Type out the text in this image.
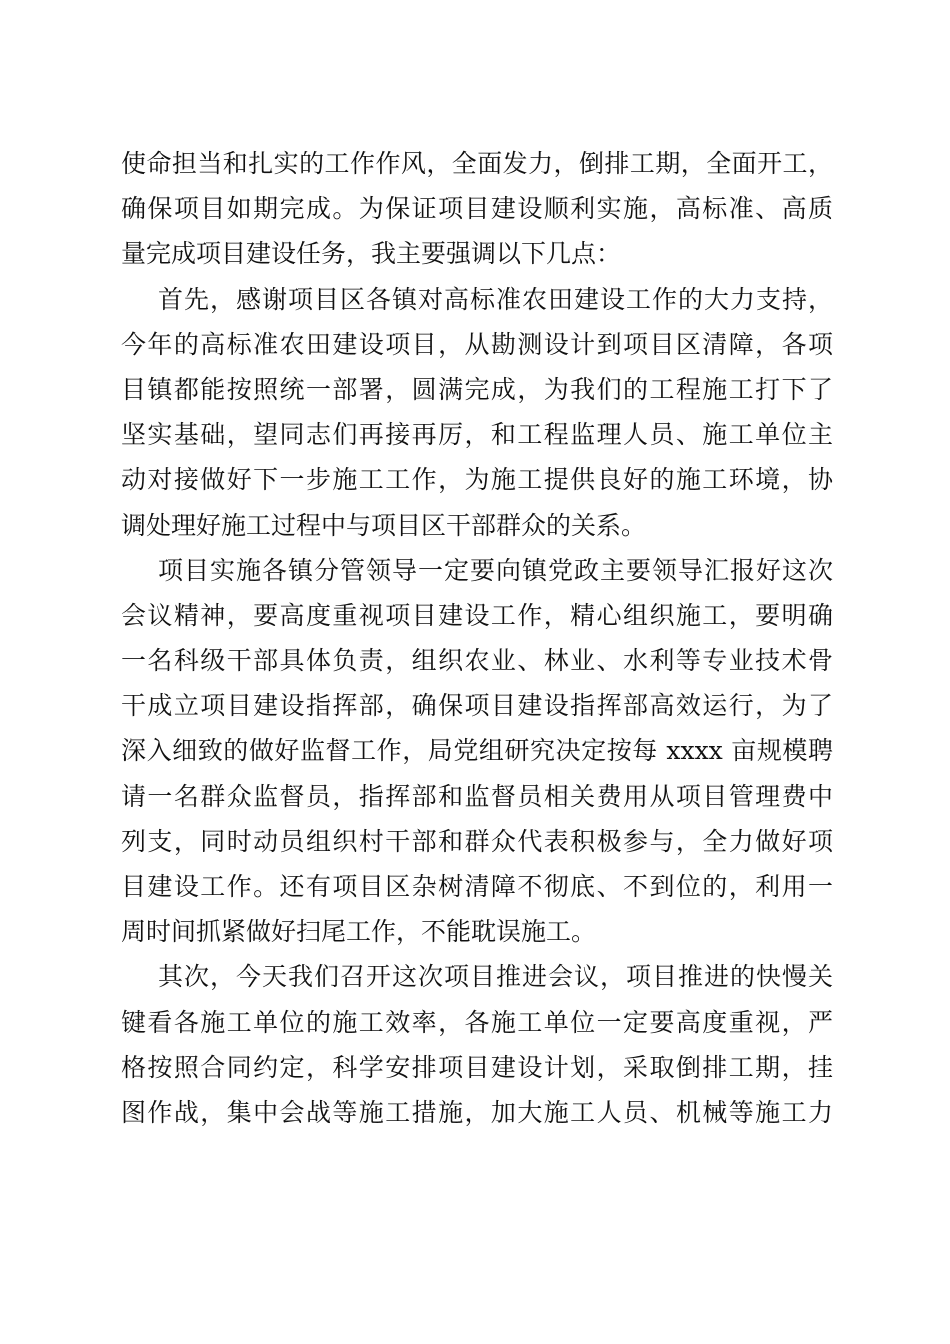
使命担当和扎实的工作作风，全面发力，倒排工期，全面开工，
确保项目如期完成。为保证项目建设顺利实施，高标准、高质
量完成项目建设任务，我主要强调以下几点：

首先，感谢项目区各镇对高标准农田建设工作的大力支持，
今年的高标准农田建设项目，从勘测设计到项目区清障，各项
目镇都能按照统一部署，圆满完成，为我们的工程施工打下了
坚实基础，望同志们再接再厉，和工程监理人员、施工单位主
动对接做好下一步施工工作，为施工提供良好的施工环境，协
调处理好施工过程中与项目区干部群众的关系。

项目实施各镇分管领导一定要向镇党政主要领导汇报好这次
会议精神，要高度重视项目建设工作，精心组织施工，要明确
一名科级干部具体负责，组织农业、林业、水利等专业技术骨
干成立项目建设指挥部，确保项目建设指挥部高效运行，为了
深入细致的做好监督工作，局党组研究决定按每 xxxx 亩规模聘
请一名群众监督员，指挥部和监督员相关费用从项目管理费中
列支，同时动员组织村干部和群众代表积极参与，全力做好项
目建设工作。还有项目区杂树清障不彻底、不到位的，利用一
周时间抓紧做好扫尾工作，不能耽误施工。

其次，今天我们召开这次项目推进会议，项目推进的快慢关
键看各施工单位的施工效率，各施工单位一定要高度重视，严
格按照合同约定，科学安排项目建设计划，采取倒排工期，挂
图作战，集中会战等施工措施，加大施工人员、机械等施工力
